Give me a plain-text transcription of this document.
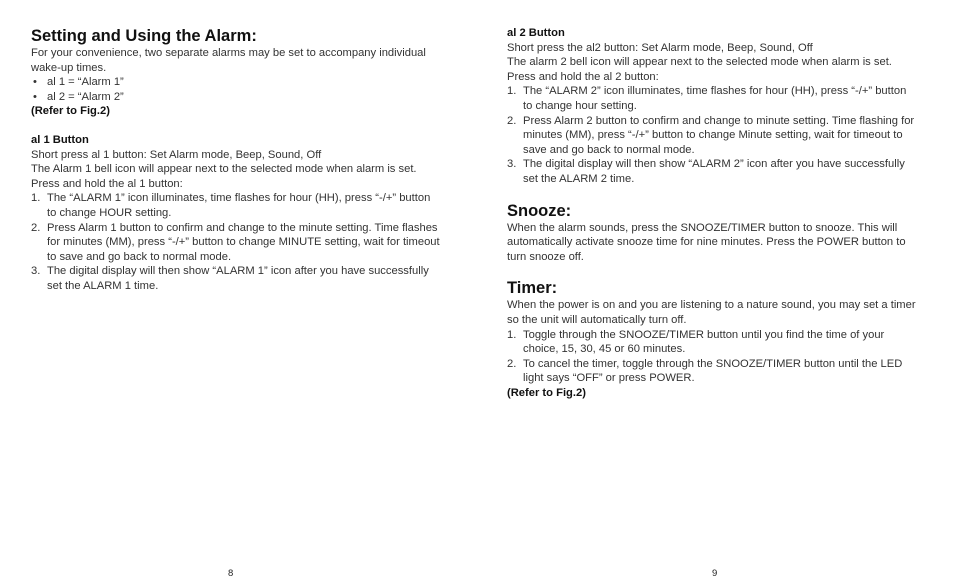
Setting and Using the Alarm:

For your convenience, two separate alarms may be set to accompany individual wake-up times.

• al 1 = “Alarm 1”
• al 2 = “Alarm 2”

(Refer to Fig.2)

al 1 Button

Short press al 1 button: Set Alarm mode, Beep, Sound, Off

The Alarm 1 bell icon will appear next to the selected mode when alarm is set.

Press and hold the al 1 button:

1. The “ALARM 1” icon illuminates, time flashes for hour (HH), press “-/+” button to change HOUR setting.
2. Press Alarm 1 button to confirm and change to the minute setting. Time flashes for minutes (MM), press “-/+” button to change MINUTE setting, wait for timeout to save and go back to normal mode.
3. The digital display will then show “ALARM 1” icon after you have successfully set the ALARM 1 time.
8

al 2 Button

Short press the al2 button: Set Alarm mode, Beep, Sound, Off

The alarm 2 bell icon will appear next to the selected mode when alarm is set.

Press and hold the al 2 button:

1. The “ALARM 2” icon illuminates, time flashes for hour (HH), press “-/+” button to change hour setting.
2. Press Alarm 2 button to confirm and change to minute setting. Time flashing for minutes (MM), press “-/+” button to change Minute setting, wait for timeout to save and go back to normal mode.
3. The digital display will then show “ALARM 2” icon after you have successfully set the ALARM 2 time.
Snooze:

When the alarm sounds, press the SNOOZE/TIMER button to snooze. This will automatically activate snooze time for nine minutes. Press the POWER button to turn snooze off.

Timer:

When the power is on and you are listening to a nature sound, you may set a timer so the unit will automatically turn off.

1. Toggle through the SNOOZE/TIMER button until you find the time of your choice, 15, 30, 45 or 60 minutes.
2. To cancel the timer, toggle through the SNOOZE/TIMER button until the LED light says “OFF” or press POWER.

(Refer to Fig.2)

9
